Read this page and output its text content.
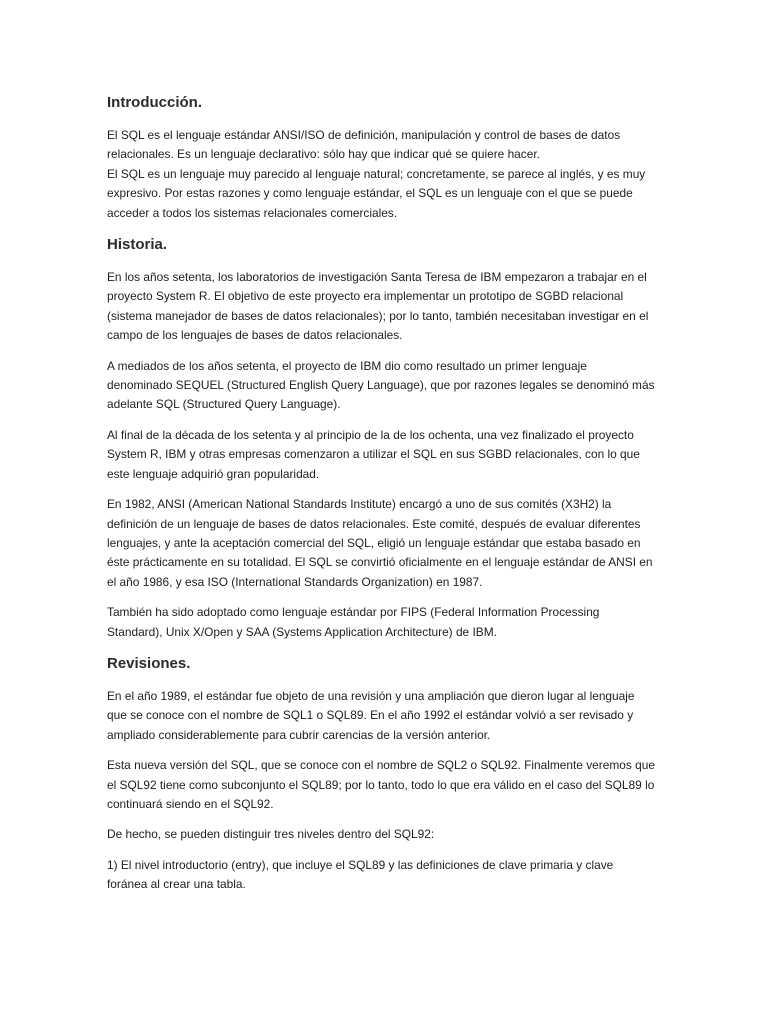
Introducción.

El SQL es el lenguaje estándar ANSI/ISO de definición, manipulación y control de bases de datos relacionales. Es un lenguaje declarativo: sólo hay que indicar qué se quiere hacer.

El SQL es un lenguaje muy parecido al lenguaje natural; concretamente, se parece al inglés, y es muy expresivo. Por estas razones y como lenguaje estándar, el SQL es un lenguaje con el que se puede acceder a todos los sistemas relacionales comerciales.

Historia.

En los años setenta, los laboratorios de investigación Santa Teresa de IBM empezaron a trabajar en el proyecto System R. El objetivo de este proyecto era implementar un prototipo de SGBD relacional (sistema manejador de bases de datos relacionales); por lo tanto, también necesitaban investigar en el campo de los lenguajes de bases de datos relacionales.

A mediados de los años setenta, el proyecto de IBM dio como resultado un primer lenguaje denominado SEQUEL (Structured English Query Language), que por razones legales se denominó más adelante SQL (Structured Query Language).

Al final de la década de los setenta y al principio de la de los ochenta, una vez finalizado el proyecto System R, IBM y otras empresas comenzaron a utilizar el SQL en sus SGBD relacionales, con lo que este lenguaje adquirió gran popularidad.

En 1982, ANSI (American National Standards Institute) encargó a uno de sus comités (X3H2) la definición de un lenguaje de bases de datos relacionales. Este comité, después de evaluar diferentes lenguajes, y ante la aceptación comercial del SQL, eligió un lenguaje estándar que estaba basado en éste prácticamente en su totalidad. El SQL se convirtió oficialmente en el lenguaje estándar de ANSI en el año 1986, y esa ISO (International Standards Organization) en 1987.

También ha sido adoptado como lenguaje estándar por FIPS (Federal Information Processing Standard), Unix X/Open y SAA (Systems Application Architecture) de IBM.

Revisiones.

En el año 1989, el estándar fue objeto de una revisión y una ampliación que dieron lugar al lenguaje que se conoce con el nombre de SQL1 o SQL89. En el año 1992 el estándar volvió a ser revisado y ampliado considerablemente para cubrir carencias de la versión anterior.

Esta nueva versión del SQL, que se conoce con el nombre de SQL2 o SQL92. Finalmente veremos que el SQL92 tiene como subconjunto el SQL89; por lo tanto, todo lo que era válido en el caso del SQL89 lo continuará siendo en el SQL92.

De hecho, se pueden distinguir tres niveles dentro del SQL92:

1) El nivel introductorio (entry), que incluye el SQL89 y las definiciones de clave primaria y clave foránea al crear una tabla.
